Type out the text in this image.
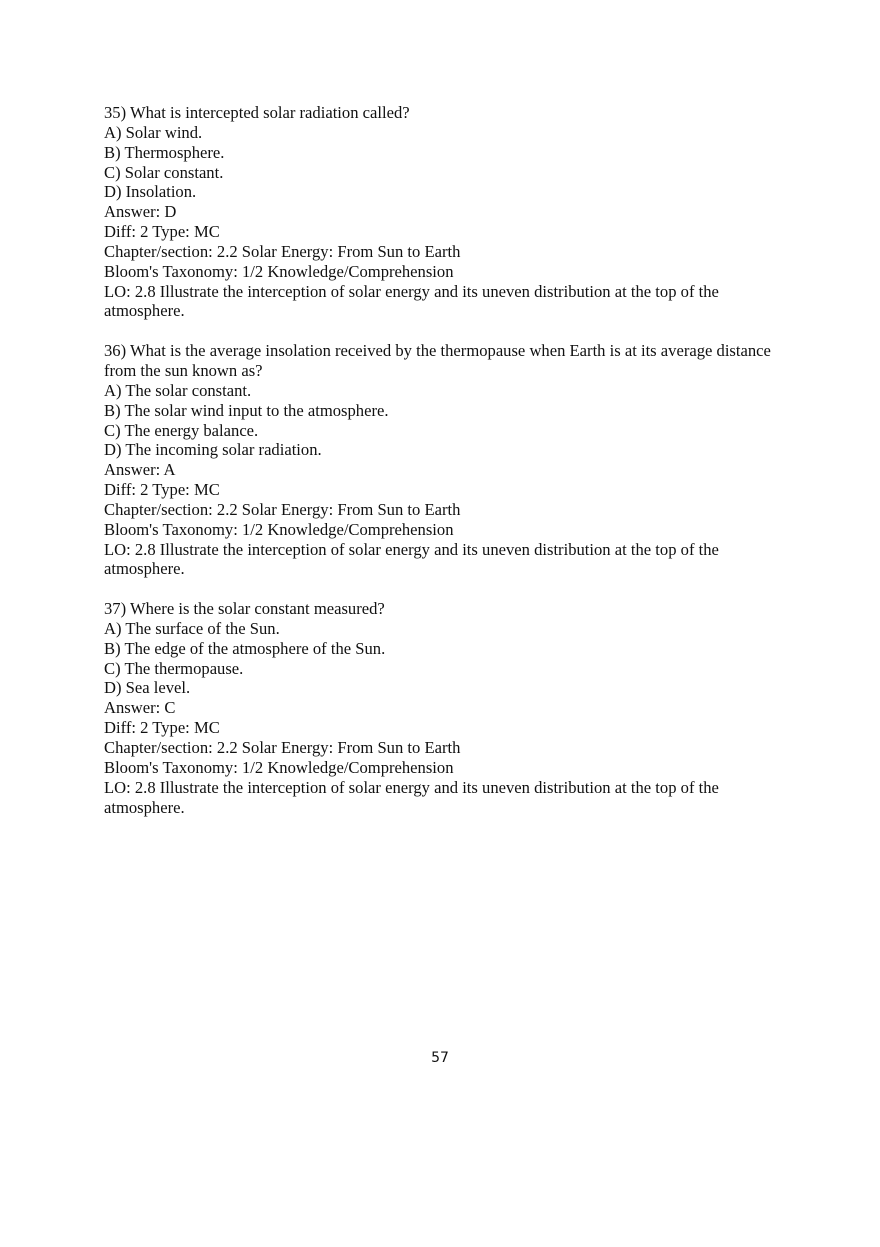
35) What is intercepted solar radiation called?
A) Solar wind.
B) Thermosphere.
C) Solar constant.
D) Insolation.
Answer: D
Diff: 2 Type: MC
Chapter/section: 2.2 Solar Energy: From Sun to Earth
Bloom's Taxonomy: 1/2 Knowledge/Comprehension
LO: 2.8 Illustrate the interception of solar energy and its uneven distribution at the top of the atmosphere.
36) What is the average insolation received by the thermopause when Earth is at its average distance from the sun known as?
A) The solar constant.
B) The solar wind input to the atmosphere.
C) The energy balance.
D) The incoming solar radiation.
Answer: A
Diff: 2 Type: MC
Chapter/section: 2.2 Solar Energy: From Sun to Earth
Bloom's Taxonomy: 1/2 Knowledge/Comprehension
LO: 2.8 Illustrate the interception of solar energy and its uneven distribution at the top of the atmosphere.
37) Where is the solar constant measured?
A) The surface of the Sun.
B) The edge of the atmosphere of the Sun.
C) The thermopause.
D) Sea level.
Answer: C
Diff: 2 Type: MC
Chapter/section: 2.2 Solar Energy: From Sun to Earth
Bloom's Taxonomy: 1/2 Knowledge/Comprehension
LO: 2.8 Illustrate the interception of solar energy and its uneven distribution at the top of the atmosphere.
57
